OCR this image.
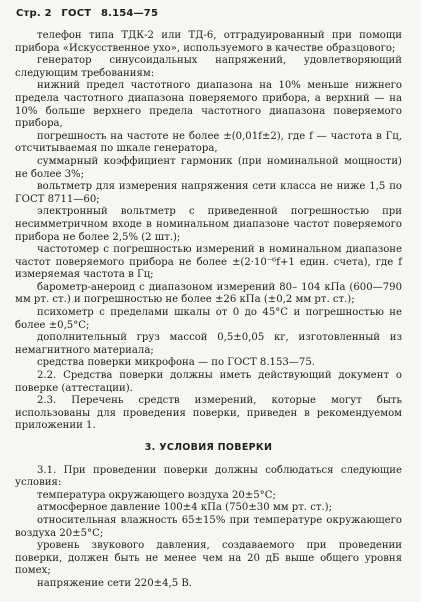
Стр. 2 ГОСТ 8.154—75

телефон типа ТДК-2 или ТД-6, отградуированный при помощи прибора «Искусственное ухо», используемого в качестве образцового;

генератор синусоидальных напряжений, удовлетворяющий следующим требованиям:

нижний предел частотного диапазона на 10% меньше нижнего предела частотного диапазона поверяемого прибора, а верхний — на 10% больше верхнего предела частотного диапазона поверяемого прибора,

погрешность на частоте не более ±(0,01f±2), где f — частота в Гц, отсчитываемая по шкале генератора,

суммарный коэффициент гармоник (при номинальной мощности) не более 3%;

вольтметр для измерения напряжения сети класса не ниже 1,5 по ГОСТ 8711—60;

электронный вольтметр с приведенной погрешностью при несимметричном входе в номинальном диапазоне частот поверяемого прибора не более 2,5% (2 шт.);

частотомер с погрешностью измерений в номинальном диапазоне частот поверяемого прибора не более ±(2·10⁻⁶f+1 един. счета), где f измеряемая частота в Гц;

барометр-анероид с диапазоном измерений 80– 104 кПа (600—790 мм рт. ст.) и погрешностью не более ±26 кПа (±0,2 мм рт. ст.);

психометр с пределами шкалы от 0 до 45°С и погрешностью не более ±0,5°С;

дополнительный груз массой 0,5±0,05 кг, изготовленный из немагнитного материала;

средства поверки микрофона — по ГОСТ 8.153—75.

2.2. Средства поверки должны иметь действующий документ о поверке (аттестации).

2.3. Перечень средств измерений, которые могут быть использованы для проведения поверки, приведен в рекомендуемом приложении 1.

3. УСЛОВИЯ ПОВЕРКИ

3.1. При проведении поверки должны соблюдаться следующие условия:

температура окружающего воздуха 20±5°С;

атмосферное давление 100±4 кПа (750±30 мм рт. ст.);

относительная влажность 65±15% при температуре окружающего воздуха 20±5°С;

уровень звукового давления, создаваемого при проведении поверки, должен быть не менее чем на 20 дБ выше общего уровня помех;

напряжение сети 220±4,5 В.
